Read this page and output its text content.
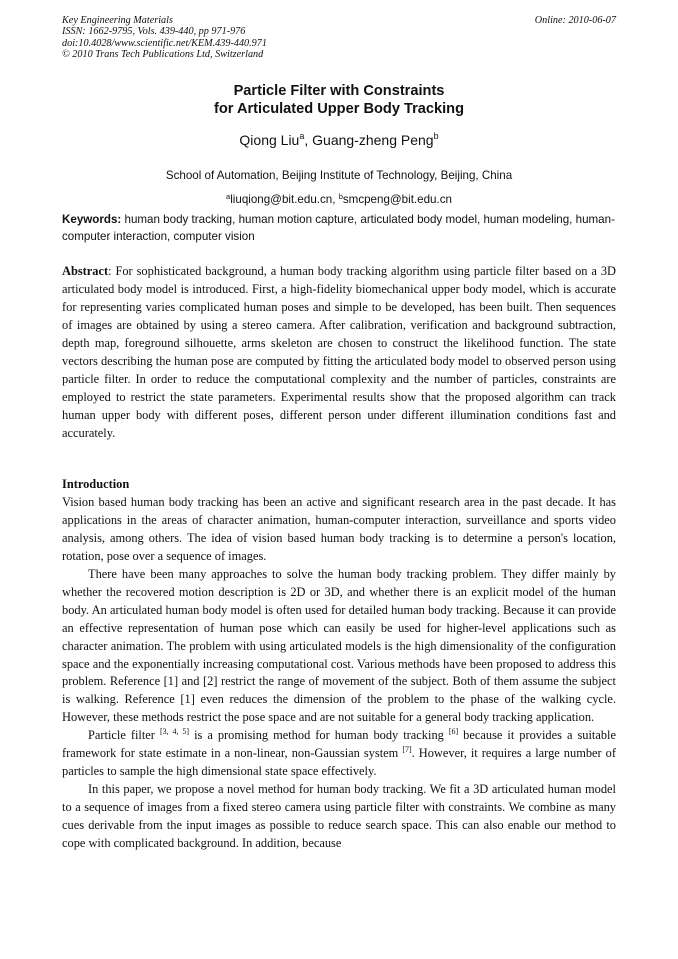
Key Engineering Materials
ISSN: 1662-9795, Vols. 439-440, pp 971-976
doi:10.4028/www.scientific.net/KEM.439-440.971
© 2010 Trans Tech Publications Ltd, Switzerland
Online: 2010-06-07
Particle Filter with Constraints
for Articulated Upper Body Tracking
Qiong Liu$^a$, Guang-zheng Peng$^b$
School of Automation, Beijing Institute of Technology, Beijing, China
$^a$liuqiong@bit.edu.cn, $^b$smcpeng@bit.edu.cn
Keywords: human body tracking, human motion capture, articulated body model, human modeling, human-computer interaction, computer vision

Abstract: For sophisticated background, a human body tracking algorithm using particle filter based on a 3D articulated body model is introduced. First, a high-fidelity biomechanical upper body model, which is accurate for representing varies complicated human poses and simple to be developed, has been built. Then sequences of images are obtained by using a stereo camera. After calibration, verification and background subtraction, depth map, foreground silhouette, arms skeleton are chosen to construct the likelihood function. The state vectors describing the human pose are computed by fitting the articulated body model to observed person using particle filter. In order to reduce the computational complexity and the number of particles, constraints are employed to restrict the state parameters. Experimental results show that the proposed algorithm can track human upper body with different poses, different person under different illumination conditions fast and accurately.

Introduction

Vision based human body tracking has been an active and significant research area in the past decade. It has applications in the areas of character animation, human-computer interaction, surveillance and sports video analysis, among others. The idea of vision based human body tracking is to determine a person's location, rotation, pose over a sequence of images.

There have been many approaches to solve the human body tracking problem. They differ mainly by whether the recovered motion description is 2D or 3D, and whether there is an explicit model of the human body. An articulated human body model is often used for detailed human body tracking. Because it can provide an effective representation of human pose which can easily be used for higher-level applications such as character animation. The problem with using articulated models is the high dimensionality of the configuration space and the exponentially increasing computational cost. Various methods have been proposed to address this problem. Reference [1] and [2] restrict the range of movement of the subject. Both of them assume the subject is walking. Reference [1] even reduces the dimension of the problem to the phase of the walking cycle. However, these methods restrict the pose space and are not suitable for a general body tracking application.

Particle filter [3, 4, 5] is a promising method for human body tracking [6] because it provides a suitable framework for state estimate in a non-linear, non-Gaussian system [7]. However, it requires a large number of particles to sample the high dimensional state space effectively.

In this paper, we propose a novel method for human body tracking. We fit a 3D articulated human model to a sequence of images from a fixed stereo camera using particle filter with constraints. We combine as many cues derivable from the input images as possible to reduce search space. This can also enable our method to cope with complicated background. In addition, because
